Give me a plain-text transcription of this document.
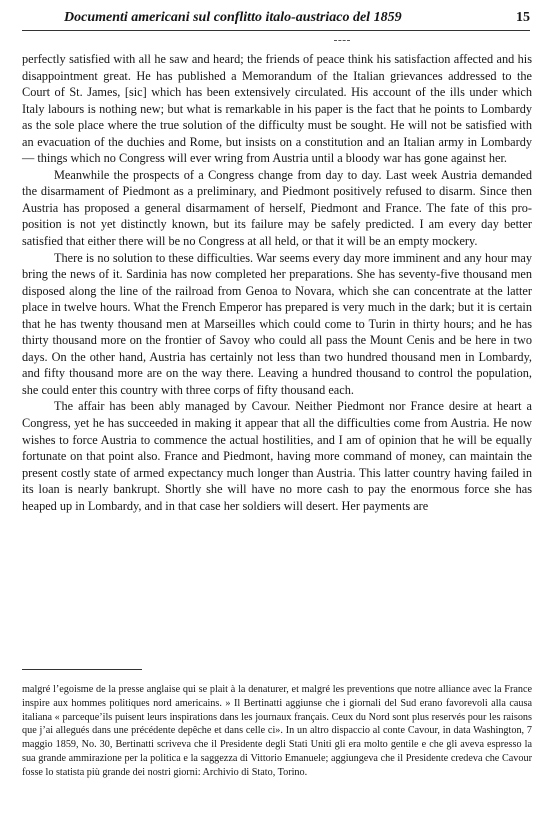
Documenti americani sul conflitto italo-austriaco del 1859	15

perfectly satisfied with all he saw and heard; the friends of peace think his satisfaction affected and his disappointment great. He has published a Memorandum of the Italian grievances addressed to the Court of St. James, [sic] which has been extensively circulated. His account of the ills under which Italy labours is nothing new; but what is remarkable in his paper is the fact that he points to Lombardy as the sole place where the true solution of the difficulty must be sought. He will not be satisfied with an evacuation of the duchies and Rome, but insists on a constitution and an Italian army in Lombardy— things which no Congress will ever wring from Austria until a bloody war has gone against her.

Meanwhile the prospects of a Congress change from day to day. Last week Austria demanded the disarmament of Piedmont as a preliminary, and Piedmont positively refused to disarm. Since then Austria has proposed a general disarmament of herself, Piedmont and France. The fate of this proposition is not yet distinctly known, but its failure may be safely predicted. I am every day better satisfied that either there will be no Congress at all held, or that it will be an empty mockery.

There is no solution to these difficulties. War seems every day more imminent and any hour may bring the news of it. Sardinia has now completed her preparations. She has seventy-five thousand men disposed along the line of the railroad from Genoa to Novara, which she can concentrate at the latter place in twelve hours. What the French Emperor has prepared is very much in the dark; but it is certain that he has twenty thousand men at Marseilles which could come to Turin in thirty hours; and he has thirty thousand more on the frontier of Savoy who could all pass the Mount Cenis and be here in two days. On the other hand, Austria has certainly not less than two hundred thousand men in Lombardy, and fifty thousand more are on the way there. Leaving a hundred thousand to control the population, she could enter this country with three corps of fifty thousand each.

The affair has been ably managed by Cavour. Neither Piedmont nor France desire at heart a Congress, yet he has succeeded in making it appear that all the difficulties come from Austria. He now wishes to force Austria to commence the actual hostilities, and I am of opinion that he will be equally fortunate on that point also. France and Piedmont, having more command of money, can maintain the present costly state of armed expectancy much longer than Austria. This latter country having failed in its loan is nearly bankrupt. Shortly she will have no more cash to pay the enormous force she has heaped up in Lombardy, and in that case her soldiers will desert. Her payments are

malgré l’egoisme de la presse anglaise qui se plait à la denaturer, et malgré les preventions que notre alliance avec la France inspire aux hommes politiques nord americains. » Il Bertinatti aggiunse che i giornali del Sud erano favorevoli alla causa italiana « parceque’ils puisent leurs inspirations dans les journaux français. Ceux du Nord sont plus reservés pour les raisons que j’ai allegués dans une précédente depêche et dans celle ci». In un altro dispaccio al conte Cavour, in data Washington, 7 maggio 1859, No. 30, Bertinatti scriveva che il Presidente degli Stati Uniti gli era molto gentile e che gli aveva espresso la sua grande ammirazione per la politica e la saggezza di Vittorio Emanuele; aggiungeva che il Presidente credeva che Cavour fosse lo statista più grande dei nostri giorni: Archivio di Stato, Torino.
